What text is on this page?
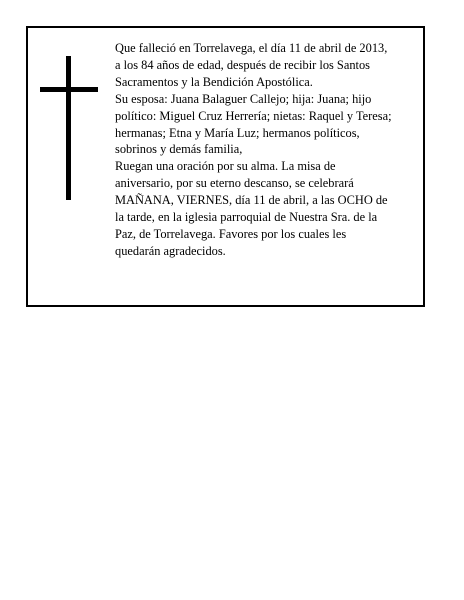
Que falleció en Torrelavega, el día 11 de abril de 2013,
a los 84 años de edad, después de recibir los Santos
Sacramentos y la Bendición Apostólica.

Su esposa: Juana Balaguer Callejo; hija: Juana; hijo
político: Miguel Cruz Herrería; nietas: Raquel y Teresa;
hermanas; Etna y María Luz; hermanos políticos,
sobrinos y demás familia,

Ruegan una oración por su alma. La misa de
aniversario, por su eterno descanso, se celebrará
MAÑANA, VIERNES, día 11 de abril, a las OCHO de
la tarde, en la iglesia parroquial de Nuestra Sra. de la
Paz, de Torrelavega. Favores por los cuales les
quedarán agradecidos.
